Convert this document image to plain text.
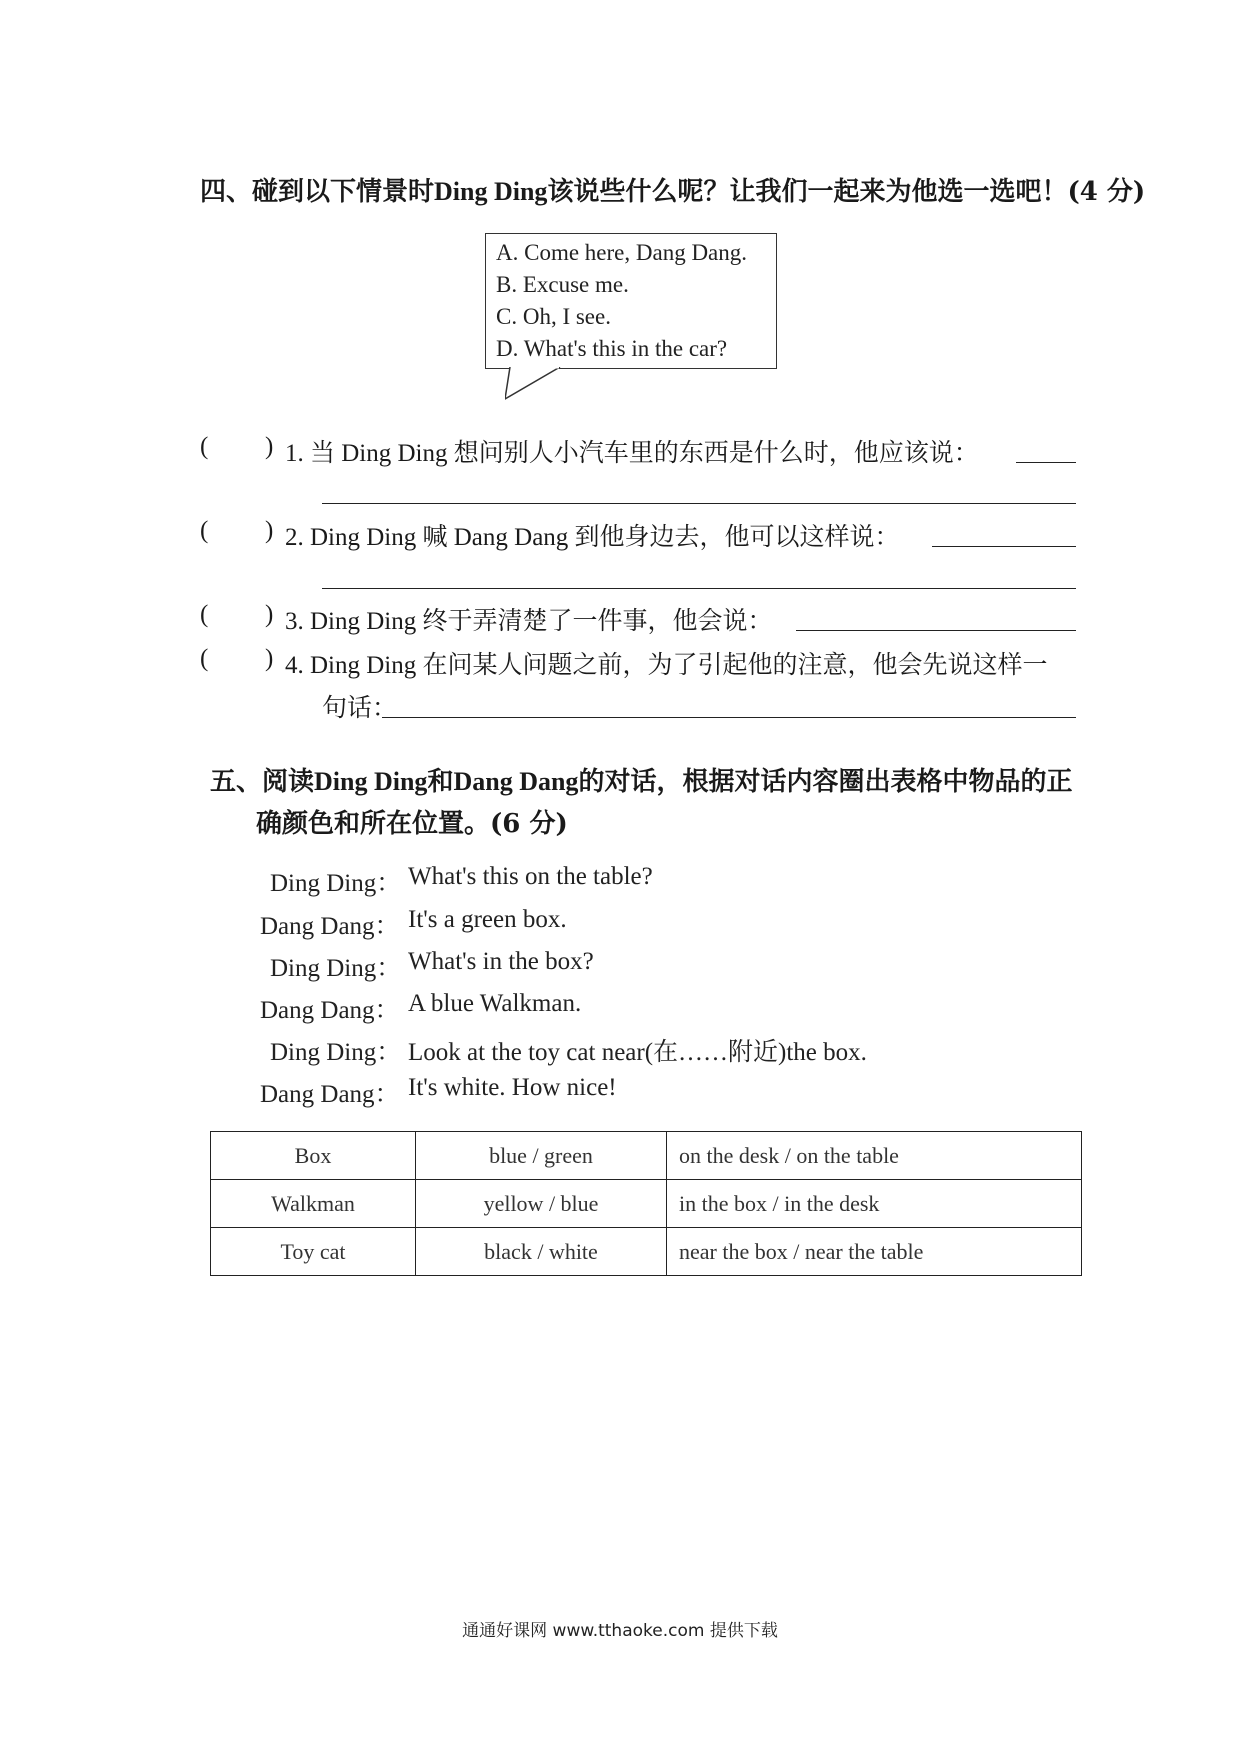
四、碰到以下情景时Ding Ding该说些什么呢？让我们一起来为他选一选吧！(4 分)
A. Come here, Dang Dang.
B. Excuse me.
C. Oh, I see.
D. What's this in the car?
( ) 1. 当 Ding Ding 想问别人小汽车里的东西是什么时，他应该说：
( ) 2. Ding Ding 喊 Dang Dang 到他身边去，他可以这样说：
( ) 3. Ding Ding 终于弄清楚了一件事，他会说：
( ) 4. Ding Ding 在问某人问题之前，为了引起他的注意，他会先说这样一
句话：
五、阅读Ding Ding和Dang Dang的对话，根据对话内容圈出表格中物品的正
确颜色和所在位置。(6 分)
Ding Ding： What's this on the table?
Dang Dang： It's a green box.
Ding Ding： What's in the box?
Dang Dang： A blue Walkman.
Ding Ding： Look at the toy cat near(在……附近)the box.
Dang Dang： It's white. How nice!
Box	blue / green	on the desk / on the table
Walkman	yellow / blue	in the box / in the desk
Toy cat	black / white	near the box / near the table
通通好课网 www.tthaoke.com 提供下载
